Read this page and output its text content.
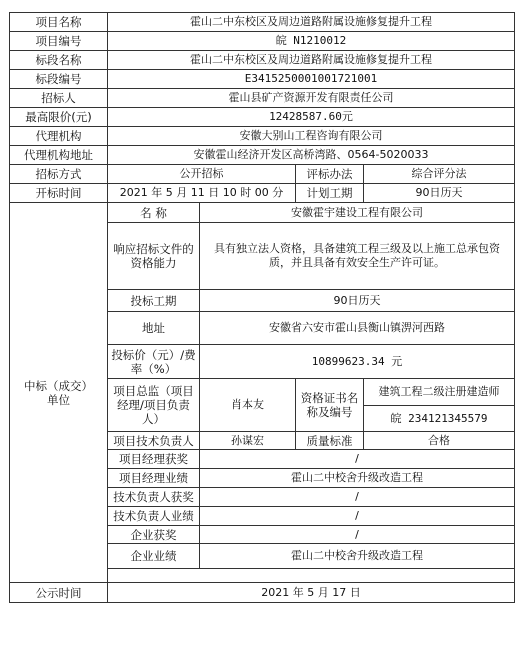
项目名称	霍山二中东校区及周边道路附属设施修复提升工程			
项目编号	皖 N1210012			
标段名称	霍山二中东校区及周边道路附属设施修复提升工程			
标段编号	E3415250001001721001			
招标人	霍山县矿产资源开发有限责任公司			
最高限价(元)	12428587.60元			
代理机构	安徽大别山工程咨询有限公司			
代理机构地址	安徽霍山经济开发区高桥湾路、0564-5020033			
招标方式	公开招标		评标办法	综合评分法
开标时间	2021 年 5 月 11 日 10 时 00 分		计划工期	90日历天
中标（成交）单位	名 称	安徽霍宇建设工程有限公司		
	响应招标文件的资格能力	具有独立法人资格，具备建筑工程三级及以上施工总承包资质，并且具备有效安全生产许可证。		
	投标工期	90日历天		
	地址	安徽省六安市霍山县衡山镇淠河西路		
	投标价（元）/费率（%）	10899623.34 元		
	项目总监（项目经理/项目负责人）	肖本友	资格证书名称及编号	建筑工程二级注册建造师
				皖 234121345579
	项目技术负责人	孙谋宏	质量标准	合格
	项目经理获奖	/		
	项目经理业绩	霍山二中校舍升级改造工程		
	技术负责人获奖	/		
	技术负责人业绩	/		
	企业获奖	/		
	企业业绩	霍山二中校舍升级改造工程		

公示时间	2021 年 5 月 17 日			
